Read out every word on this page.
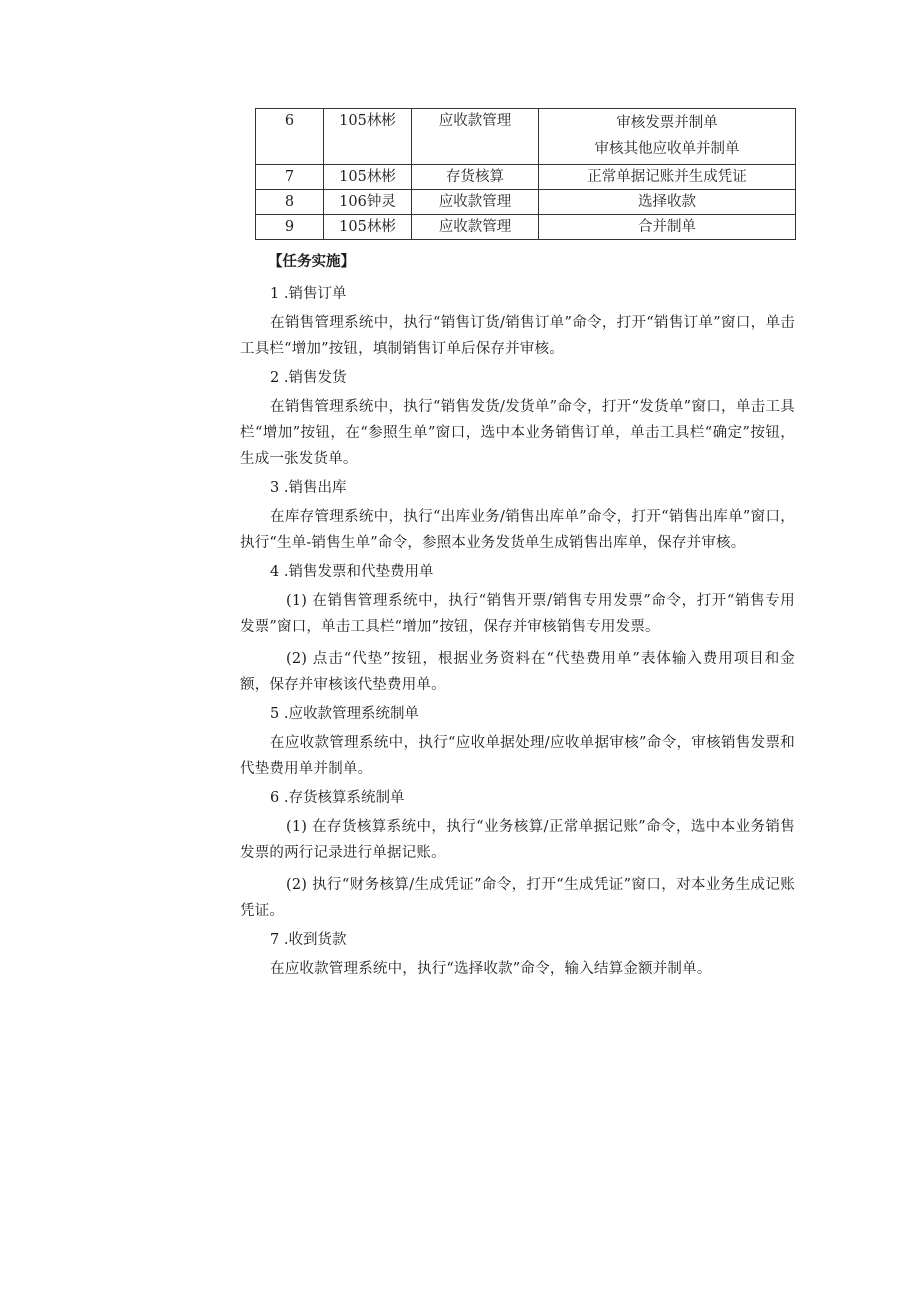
6	105林彬	应收款管理	审核发票并制单
审核其他应收单并制单

7	105林彬	存货核算	正常单据记账并生成凭证
8	106钟灵	应收款管理	选择收款
9	105林彬	应收款管理	合并制单

【任务实施】

1 .销售订单

在销售管理系统中，执行“销售订货/销售订单”命令，打开“销售订单”窗口，单击工具栏“增加”按钮，填制销售订单后保存并审核。

2 .销售发货

在销售管理系统中，执行“销售发货/发货单”命令，打开“发货单”窗口，单击工具栏“增加”按钮，在“参照生单”窗口，选中本业务销售订单，单击工具栏“确定”按钮，生成一张发货单。

3 .销售出库

在库存管理系统中，执行“出库业务/销售出库单”命令，打开“销售出库单”窗口，执行“生单-销售生单”命令，参照本业务发货单生成销售出库单，保存并审核。

4 .销售发票和代垫费用单

(1) 在销售管理系统中，执行“销售开票/销售专用发票”命令，打开“销售专用发票”窗口，单击工具栏“增加”按钮，保存并审核销售专用发票。

(2) 点击“代垫”按钮，根据业务资料在“代垫费用单”表体输入费用项目和金额，保存并审核该代垫费用单。

5 .应收款管理系统制单

在应收款管理系统中，执行“应收单据处理/应收单据审核”命令，审核销售发票和代垫费用单并制单。

6 .存货核算系统制单

(1) 在存货核算系统中，执行“业务核算/正常单据记账”命令，选中本业务销售发票的两行记录进行单据记账。

(2) 执行“财务核算/生成凭证”命令，打开“生成凭证”窗口，对本业务生成记账凭证。

7 .收到货款

在应收款管理系统中，执行“选择收款”命令，输入结算金额并制单。
